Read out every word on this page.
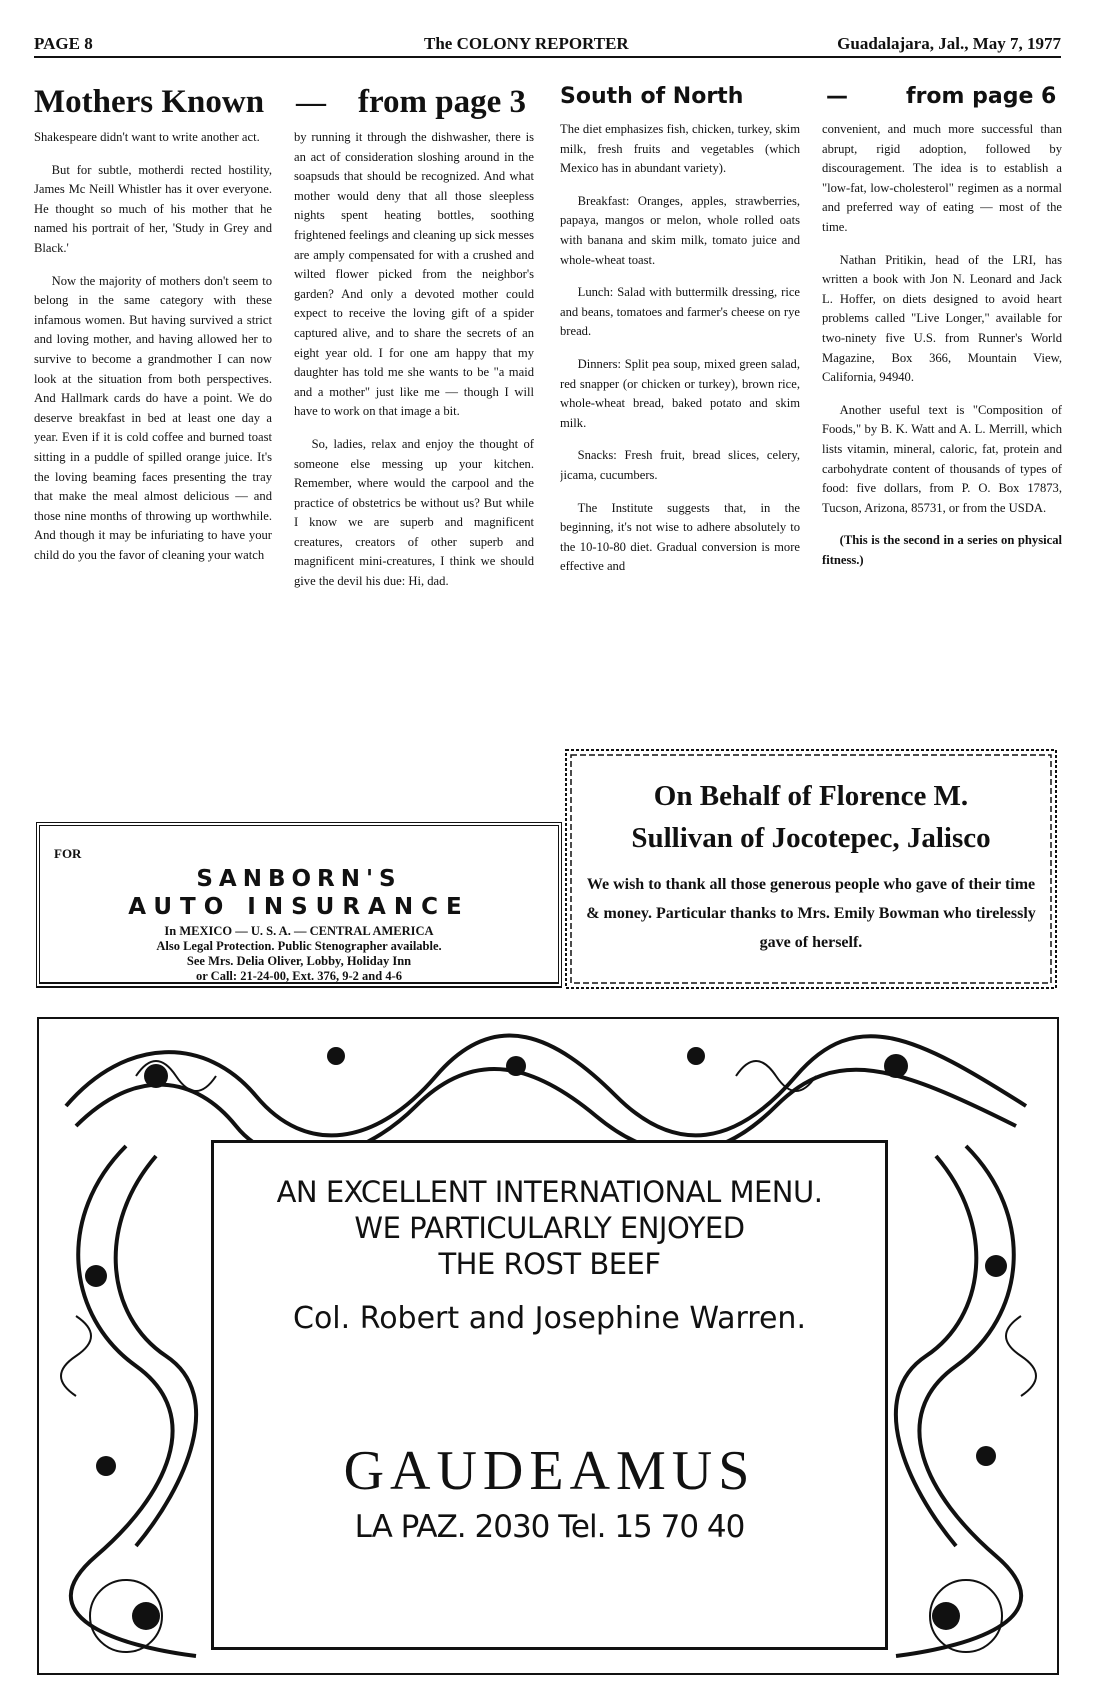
PAGE 8	The COLONY REPORTER	Guadalajara, Jal., May 7, 1977
Mothers Known — from page 3

Shakespeare didn't want to write another act.

But for subtle, motherdi rected hostility, James Mc Neill Whistler has it over everyone. He thought so much of his mother that he named his portrait of her, 'Study in Grey and Black.'

Now the majority of mothers don't seem to belong in the same category with these infamous women. But having survived a strict and loving mother, and having allowed her to survive to become a grandmother I can now look at the situation from both perspectives. And Hallmark cards do have a point. We do deserve breakfast in bed at least one day a year. Even if it is cold coffee and burned toast sitting in a puddle of spilled orange juice. It's the loving beaming faces presenting the tray that make the meal almost delicious — and those nine months of throwing up worthwhile. And though it may be infuriating to have your child do you the favor of cleaning your watch

by running it through the dishwasher, there is an act of consideration sloshing around in the soapsuds that should be recognized. And what mother would deny that all those sleepless nights spent heating bottles, soothing frightened feelings and cleaning up sick messes are amply compensated for with a crushed and wilted flower picked from the neighbor's garden? And only a devoted mother could expect to receive the loving gift of a spider captured alive, and to share the secrets of an eight year old. I for one am happy that my daughter has told me she wants to be "a maid and a mother" just like me — though I will have to work on that image a bit.

So, ladies, relax and enjoy the thought of someone else messing up your kitchen. Remember, where would the carpool and the practice of obstetrics be without us? But while I know we are superb and magnificent creatures, creators of other superb and magnificent mini-creatures, I think we should give the devil his due: Hi, dad.

South of North	—	from page 6

The diet emphasizes fish, chicken, turkey, skim milk, fresh fruits and vegetables (which Mexico has in abundant variety).

Breakfast: Oranges, apples, strawberries, papaya, mangos or melon, whole rolled oats with banana and skim milk, tomato juice and whole-wheat toast.

Lunch: Salad with buttermilk dressing, rice and beans, tomatoes and farmer's cheese on rye bread.

Dinners: Split pea soup, mixed green salad, red snapper (or chicken or turkey), brown rice, whole-wheat bread, baked potato and skim milk.

Snacks: Fresh fruit, bread slices, celery, jicama, cucumbers.

The Institute suggests that, in the beginning, it's not wise to adhere absolutely to the 10-10-80 diet. Gradual conversion is more effective and

convenient, and much more successful than abrupt, rigid adoption, followed by discouragement. The idea is to establish a "low-fat, low-cholesterol" regimen as a normal and preferred way of eating — most of the time.

Nathan Pritikin, head of the LRI, has written a book with Jon N. Leonard and Jack L. Hoffer, on diets designed to avoid heart problems called "Live Longer," available for two-ninety five U.S. from Runner's World Magazine, Box 366, Mountain View, California, 94940.

Another useful text is "Composition of Foods," by B. K. Watt and A. L. Merrill, which lists vitamin, mineral, caloric, fat, protein and carbohydrate content of thousands of types of food: five dollars, from P. O. Box 17873, Tucson, Arizona, 85731, or from the USDA.

(This is the second in a series on physical fitness.)

FOR
SANBORN'S
AUTO INSURANCE
In MEXICO — U. S. A. — CENTRAL AMERICA
Also Legal Protection. Public Stenographer available.
See Mrs. Delia Oliver, Lobby, Holiday Inn
or Call: 21-24-00, Ext. 376, 9-2 and 4-6
On Behalf of Florence M.
Sullivan of Jocotepec, Jalisco
We wish to thank all those generous people who gave of their time & money. Particular thanks to Mrs. Emily Bowman who tirelessly gave of herself.
AN EXCELLENT INTERNATIONAL MENU.
WE PARTICULARLY ENJOYED
THE ROST BEEF
Col. Robert and Josephine Warren.
GAUDEAMUS
LA PAZ. 2030 Tel. 15 70 40
